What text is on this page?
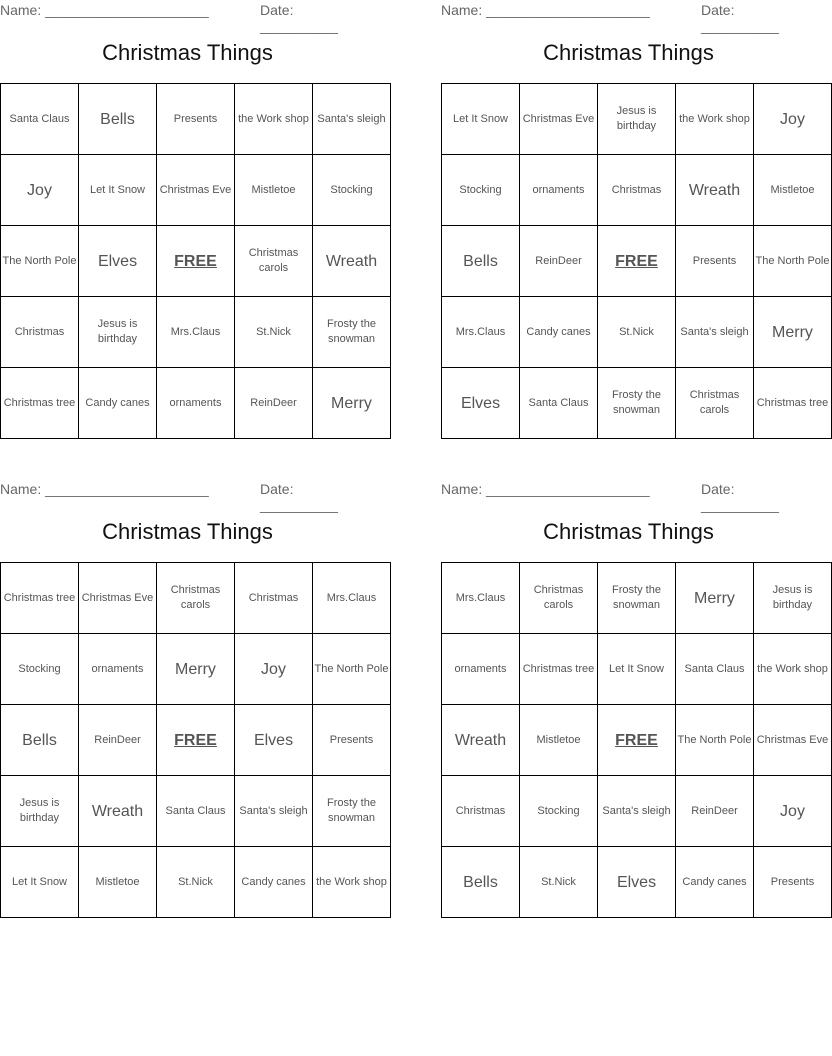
Name: _____________________	Date: __________
Christmas Things
Santa Claus	Bells	Presents	the Work shop	Santa's sleigh
Joy	Let It Snow	Christmas Eve	Mistletoe	Stocking
The North Pole	Elves	FREE	Christmas carols	Wreath
Christmas	Jesus is birthday	Mrs.Claus	St.Nick	Frosty the snowman
Christmas tree	Candy canes	ornaments	ReinDeer	Merry
Name: _____________________	Date: __________
Christmas Things
Let It Snow	Christmas Eve	Jesus is birthday	the Work shop	Joy
Stocking	ornaments	Christmas	Wreath	Mistletoe
Bells	ReinDeer	FREE	Presents	The North Pole
Mrs.Claus	Candy canes	St.Nick	Santa's sleigh	Merry
Elves	Santa Claus	Frosty the snowman	Christmas carols	Christmas tree
Name: _____________________	Date: __________
Christmas Things
Christmas tree	Christmas Eve	Christmas carols	Christmas	Mrs.Claus
Stocking	ornaments	Merry	Joy	The North Pole
Bells	ReinDeer	FREE	Elves	Presents
Jesus is birthday	Wreath	Santa Claus	Santa's sleigh	Frosty the snowman
Let It Snow	Mistletoe	St.Nick	Candy canes	the Work shop
Name: _____________________	Date: __________
Christmas Things
Mrs.Claus	Christmas carols	Frosty the snowman	Merry	Jesus is birthday
ornaments	Christmas tree	Let It Snow	Santa Claus	the Work shop
Wreath	Mistletoe	FREE	The North Pole	Christmas Eve
Christmas	Stocking	Santa's sleigh	ReinDeer	Joy
Bells	St.Nick	Elves	Candy canes	Presents
